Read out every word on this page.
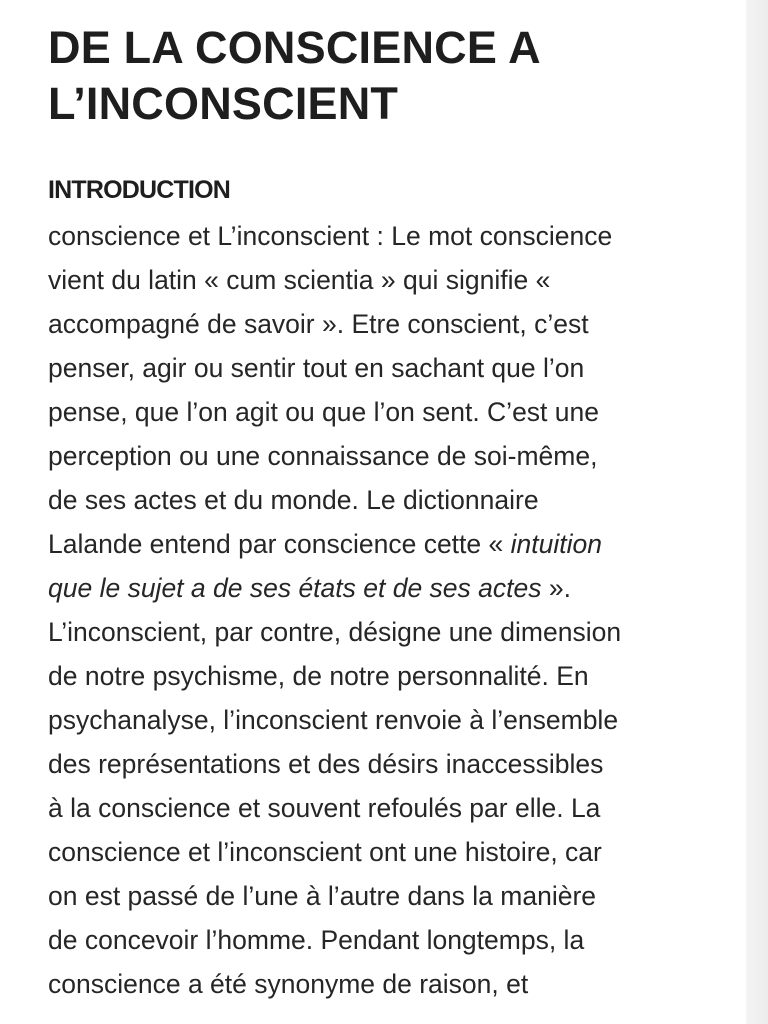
DE LA CONSCIENCE A
L’INCONSCIENT
INTRODUCTION

conscience et L’inconscient : Le mot conscience
vient du latin « cum scientia » qui signifie «
accompagné de savoir ». Etre conscient, c’est
penser, agir ou sentir tout en sachant que l’on
pense, que l’on agit ou que l’on sent. C’est une
perception ou une connaissance de soi-même,
de ses actes et du monde. Le dictionnaire
Lalande entend par conscience cette « intuition
que le sujet a de ses états et de ses actes ».
L’inconscient, par contre, désigne une dimension
de notre psychisme, de notre personnalité. En
psychanalyse, l’inconscient renvoie à l’ensemble
des représentations et des désirs inaccessibles
à la conscience et souvent refoulés par elle. La
conscience et l’inconscient ont une histoire, car
on est passé de l’une à l’autre dans la manière
de concevoir l’homme. Pendant longtemps, la
conscience a été synonyme de raison, et
